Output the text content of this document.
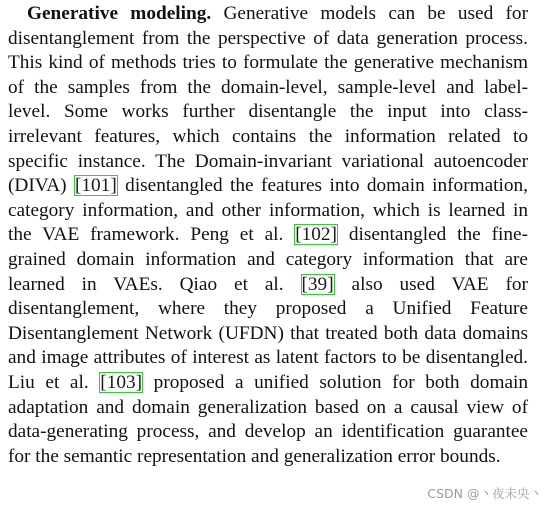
Generative modeling. Generative models can be used for disentanglement from the perspective of data generation process. This kind of methods tries to formulate the generative mechanism of the samples from the domain-level, sample-level and label-level. Some works further disentangle the input into class-irrelevant features, which contains the information related to specific instance. The Domain-invariant variational autoencoder (DIVA) [101] disentangled the features into domain information, category information, and other information, which is learned in the VAE framework. Peng et al. [102] disentangled the fine-grained domain information and category information that are learned in VAEs. Qiao et al. [39] also used VAE for disentanglement, where they proposed a Unified Feature Disentanglement Network (UFDN) that treated both data domains and image attributes of interest as latent factors to be disentangled. Liu et al. [103] proposed a unified solution for both domain adaptation and domain generalization based on a causal view of data-generating process, and develop an identification guarantee for the semantic representation and generalization error bounds.

CSDN @丶夜未央丶
